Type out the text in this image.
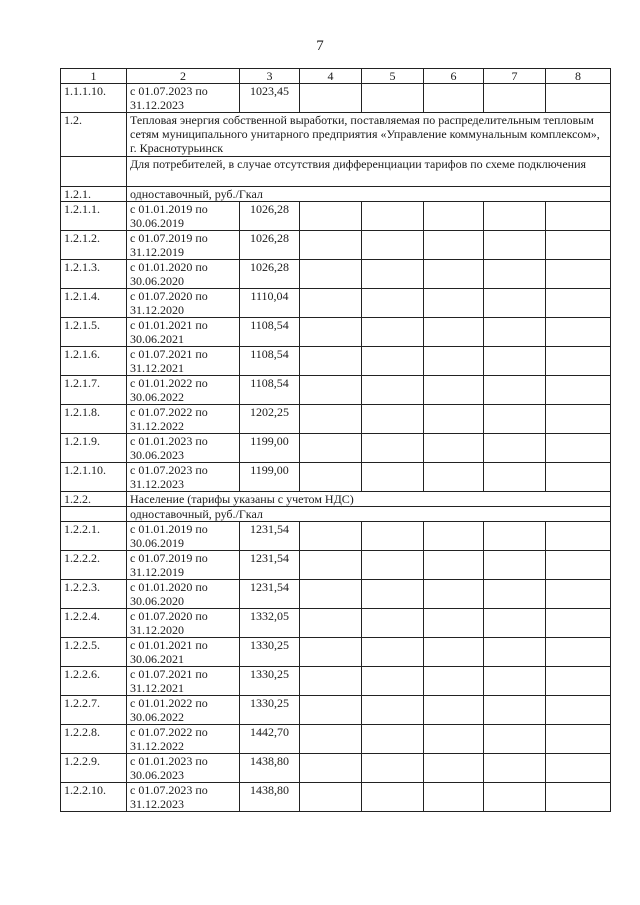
7
1	2	3	4	5	6	7	8
1.1.1.10.	с 01.07.2023 по 31.12.2023	1023,45					
1.2.	Тепловая энергия собственной выработки, поставляемая по распределительным тепловым сетям муниципального унитарного предприятия «Управление коммунальным комплексом», г. Краснотурьинск						
	Для потребителей, в случае отсутствия дифференциации тарифов по схеме подключения						
1.2.1.	одноставочный, руб./Гкал						
1.2.1.1.	с 01.01.2019 по 30.06.2019	1026,28					
1.2.1.2.	с 01.07.2019 по 31.12.2019	1026,28					
1.2.1.3.	с 01.01.2020 по 30.06.2020	1026,28					
1.2.1.4.	с 01.07.2020 по 31.12.2020	1110,04					
1.2.1.5.	с 01.01.2021 по 30.06.2021	1108,54					
1.2.1.6.	с 01.07.2021 по 31.12.2021	1108,54					
1.2.1.7.	с 01.01.2022 по 30.06.2022	1108,54					
1.2.1.8.	с 01.07.2022 по 31.12.2022	1202,25					
1.2.1.9.	с 01.01.2023 по 30.06.2023	1199,00					
1.2.1.10.	с 01.07.2023 по 31.12.2023	1199,00					
1.2.2.	Население (тарифы указаны с учетом НДС)						
	одноставочный, руб./Гкал						
1.2.2.1.	с 01.01.2019 по 30.06.2019	1231,54					
1.2.2.2.	с 01.07.2019 по 31.12.2019	1231,54					
1.2.2.3.	с 01.01.2020 по 30.06.2020	1231,54					
1.2.2.4.	с 01.07.2020 по 31.12.2020	1332,05					
1.2.2.5.	с 01.01.2021 по 30.06.2021	1330,25					
1.2.2.6.	с 01.07.2021 по 31.12.2021	1330,25					
1.2.2.7.	с 01.01.2022 по 30.06.2022	1330,25					
1.2.2.8.	с 01.07.2022 по 31.12.2022	1442,70					
1.2.2.9.	с 01.01.2023 по 30.06.2023	1438,80					
1.2.2.10.	с 01.07.2023 по 31.12.2023	1438,80					
